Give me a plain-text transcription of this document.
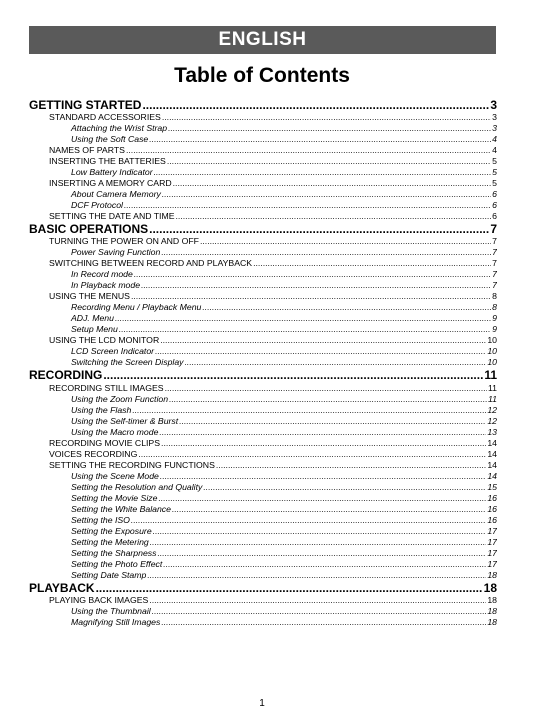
ENGLISH
Table of Contents
GETTING STARTED .....	3
STANDARD ACCESSORIES .....	3
Attaching the Wrist Strap .....	3
Using the Soft Case .....	4
NAMES OF PARTS .....	4
INSERTING THE BATTERIES .....	5
Low Battery Indicator .....	5
INSERTING A MEMORY CARD .....	5
About Camera Memory .....	6
DCF Protocol .....	6
SETTING THE DATE AND TIME .....	6
BASIC OPERATIONS .....	7
TURNING THE POWER ON AND OFF .....	7
Power Saving Function .....	7
SWITCHING BETWEEN RECORD AND PLAYBACK .....	7
In Record mode .....	7
In Playback mode .....	7
USING THE MENUS .....	8
Recording Menu / Playback Menu .....	8
ADJ. Menu .....	9
Setup Menu .....	9
USING THE LCD MONITOR .....	10
LCD Screen Indicator .....	10
Switching the Screen Display .....	10
RECORDING .....	11
RECORDING STILL IMAGES .....	11
Using the Zoom Function .....	11
Using the Flash .....	12
Using the Self-timer & Burst .....	12
Using the Macro mode .....	13
RECORDING MOVIE CLIPS .....	14
VOICES RECORDING .....	14
SETTING THE RECORDING FUNCTIONS .....	14
Using the Scene Mode .....	14
Setting the Resolution and Quality .....	15
Setting the Movie Size .....	16
Setting the White Balance .....	16
Setting the ISO .....	16
Setting the Exposure .....	17
Setting the Metering .....	17
Setting the Sharpness .....	17
Setting the Photo Effect .....	17
Setting Date Stamp .....	18
PLAYBACK .....	18
PLAYING BACK IMAGES .....	18
Using the Thumbnail .....	18
Magnifying Still Images .....	18
1
